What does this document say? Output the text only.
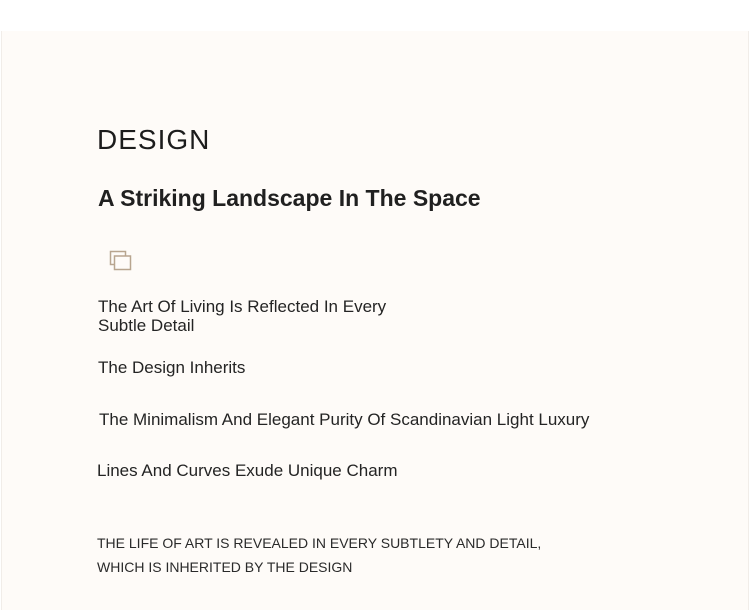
DESIGN
A Striking Landscape In The Space
The Art Of Living Is Reflected In Every Subtle Detail
The Design Inherits
The Minimalism And Elegant Purity Of Scandinavian Light Luxury
Lines And Curves Exude Unique Charm
THE LIFE OF ART IS REVEALED IN EVERY SUBTLETY AND DETAIL,
WHICH IS INHERITED BY THE DESIGN
